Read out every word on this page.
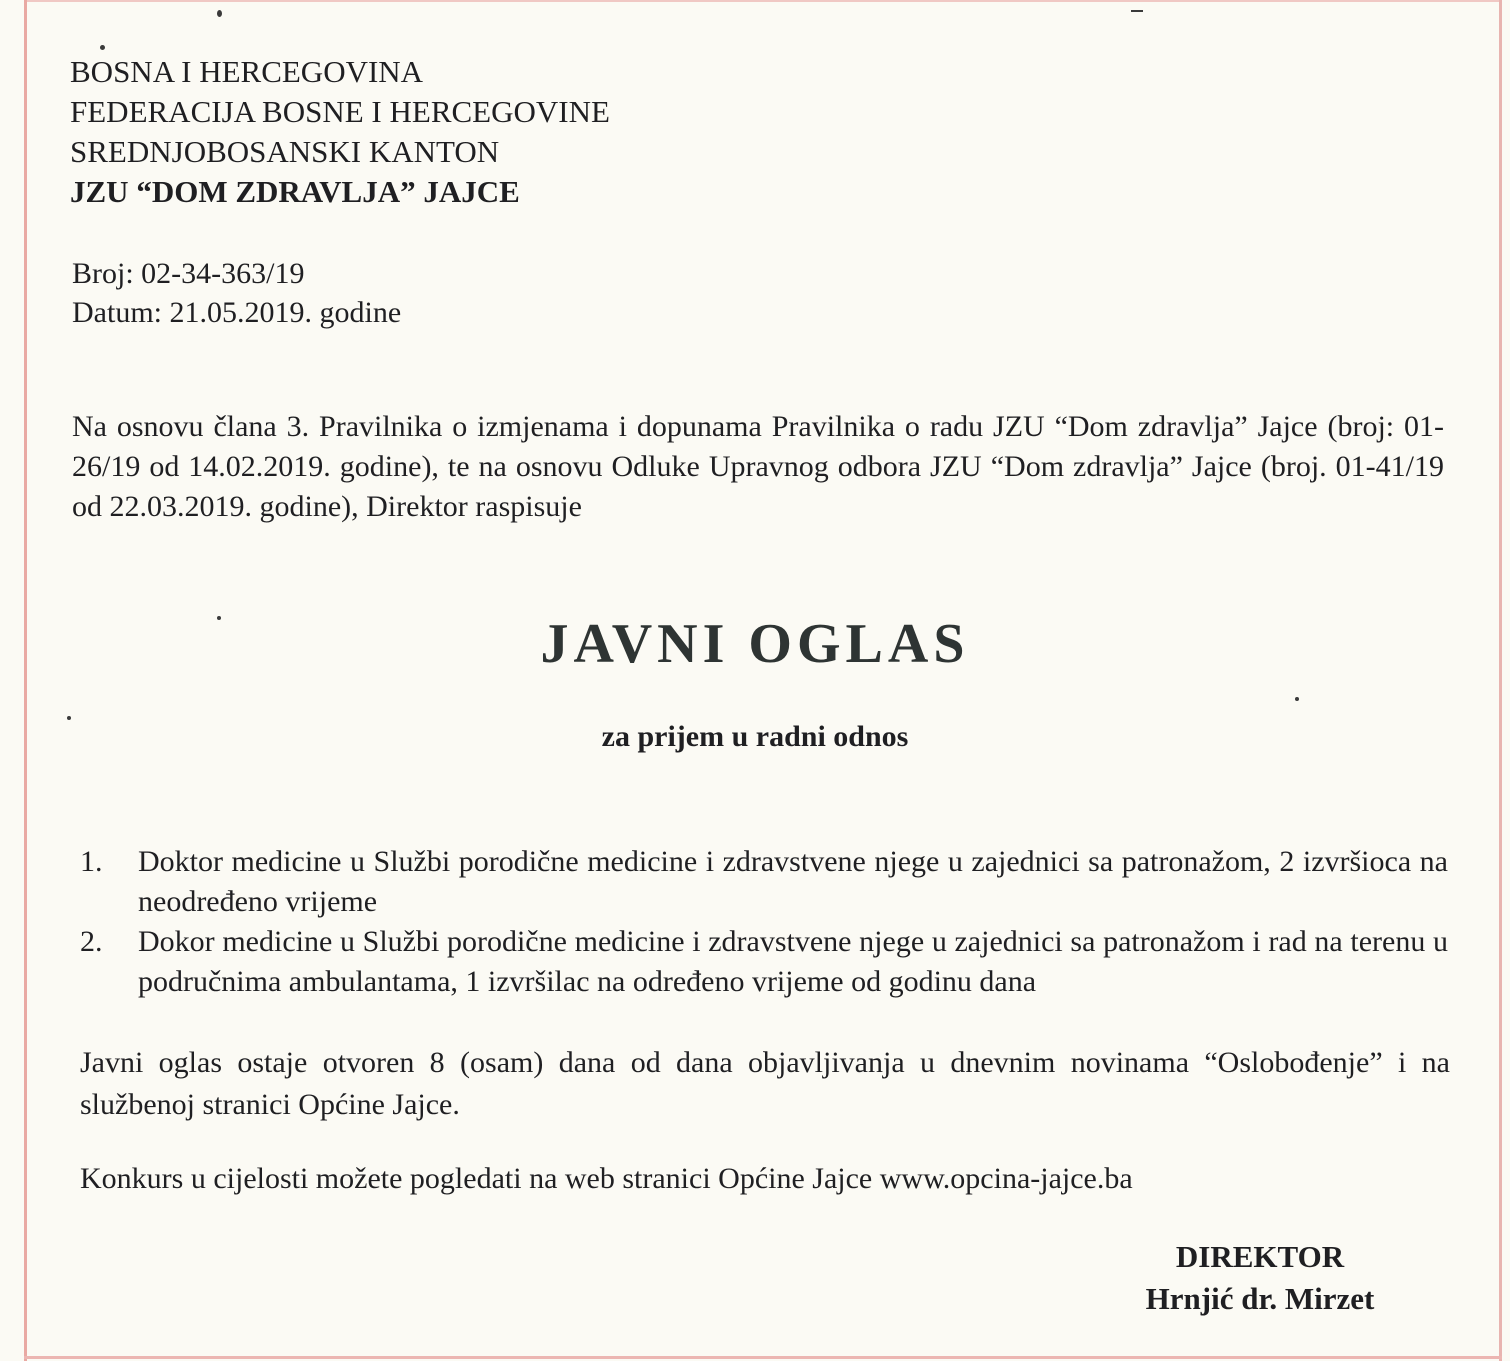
BOSNA I HERCEGOVINA
FEDERACIJA BOSNE I HERCEGOVINE
SREDNJOBOSANSKI KANTON
JZU “DOM ZDRAVLJA” JAJCE
Broj: 02-34-363/19
Datum: 21.05.2019. godine
Na osnovu člana 3. Pravilnika o izmjenama i dopunama Pravilnika o radu JZU “Dom zdravlja” Jajce (broj: 01-26/19 od 14.02.2019. godine), te na osnovu Odluke Upravnog odbora JZU “Dom zdravlja” Jajce (broj. 01-41/19 od 22.03.2019. godine), Direktor raspisuje
JAVNI OGLAS
za prijem u radni odnos
1.	Doktor medicine u Službi porodične medicine i zdravstvene njege u zajednici sa patronažom, 2 izvršioca na neodređeno vrijeme
2.	Dokor medicine u Službi porodične medicine i zdravstvene njege u zajednici sa patronažom i rad na terenu u područnima ambulantama, 1 izvršilac na određeno vrijeme od godinu dana
Javni oglas ostaje otvoren 8 (osam) dana od dana objavljivanja u dnevnim novinama “Oslobođenje” i na službenoj stranici Općine Jajce.
Konkurs u cijelosti možete pogledati na web stranici Općine Jajce www.opcina-jajce.ba
DIREKTOR
Hrnjić dr. Mirzet
